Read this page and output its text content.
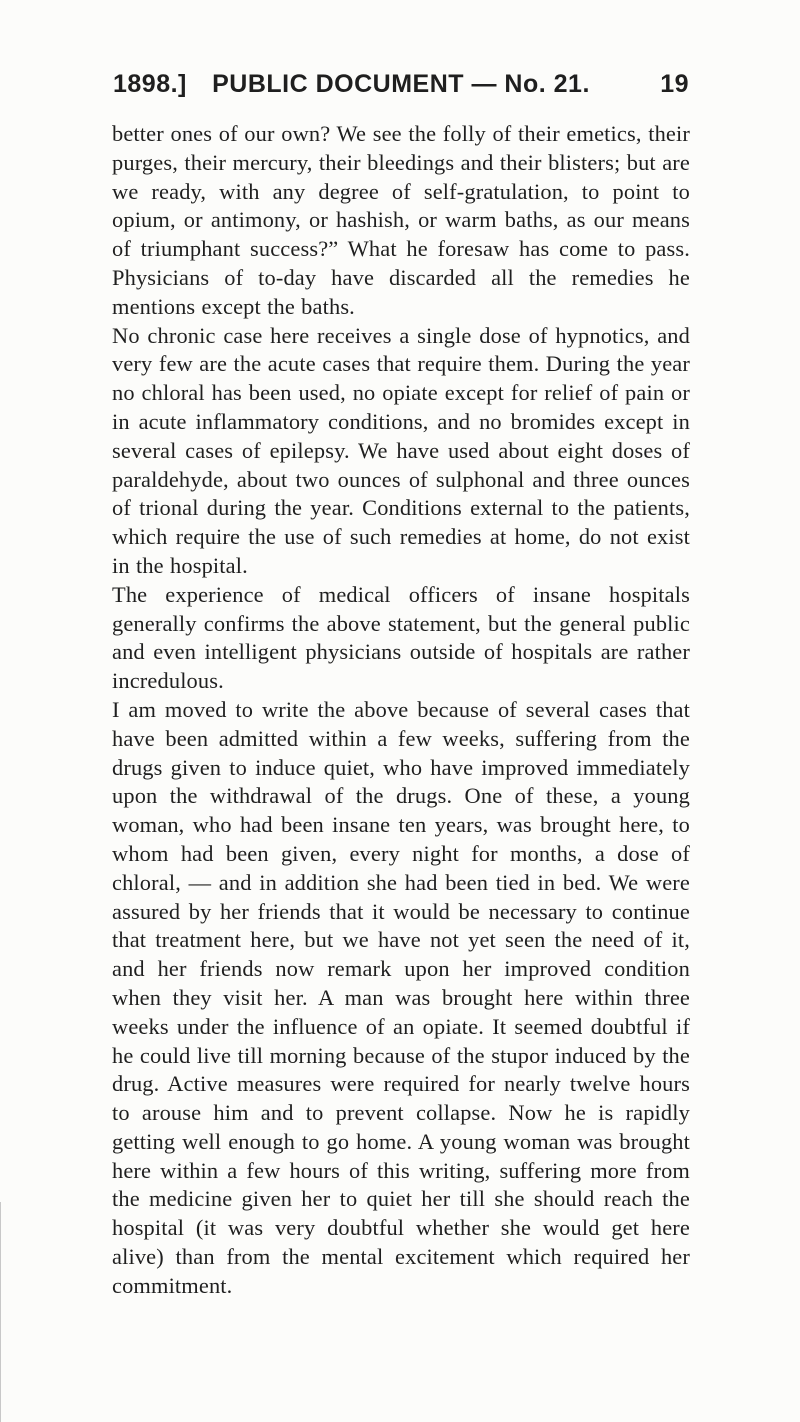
1898.]	PUBLIC DOCUMENT — No. 21.	19

better ones of our own? We see the folly of their emetics, their purges, their mercury, their bleedings and their blisters; but are we ready, with any degree of self-gratulation, to point to opium, or antimony, or hashish, or warm baths, as our means of triumphant success?” What he foresaw has come to pass. Physicians of to-day have discarded all the remedies he mentions except the baths.

No chronic case here receives a single dose of hypnotics, and very few are the acute cases that require them. During the year no chloral has been used, no opiate except for relief of pain or in acute inflammatory conditions, and no bromides except in several cases of epilepsy. We have used about eight doses of paraldehyde, about two ounces of sulphonal and three ounces of trional during the year. Conditions external to the patients, which require the use of such remedies at home, do not exist in the hospital.

The experience of medical officers of insane hospitals generally confirms the above statement, but the general public and even intelligent physicians outside of hospitals are rather incredulous.

I am moved to write the above because of several cases that have been admitted within a few weeks, suffering from the drugs given to induce quiet, who have improved immediately upon the withdrawal of the drugs. One of these, a young woman, who had been insane ten years, was brought here, to whom had been given, every night for months, a dose of chloral, — and in addition she had been tied in bed. We were assured by her friends that it would be necessary to continue that treatment here, but we have not yet seen the need of it, and her friends now remark upon her improved condition when they visit her. A man was brought here within three weeks under the influence of an opiate. It seemed doubtful if he could live till morning because of the stupor induced by the drug. Active measures were required for nearly twelve hours to arouse him and to prevent collapse. Now he is rapidly getting well enough to go home. A young woman was brought here within a few hours of this writing, suffering more from the medicine given her to quiet her till she should reach the hospital (it was very doubtful whether she would get here alive) than from the mental excitement which required her commitment.
